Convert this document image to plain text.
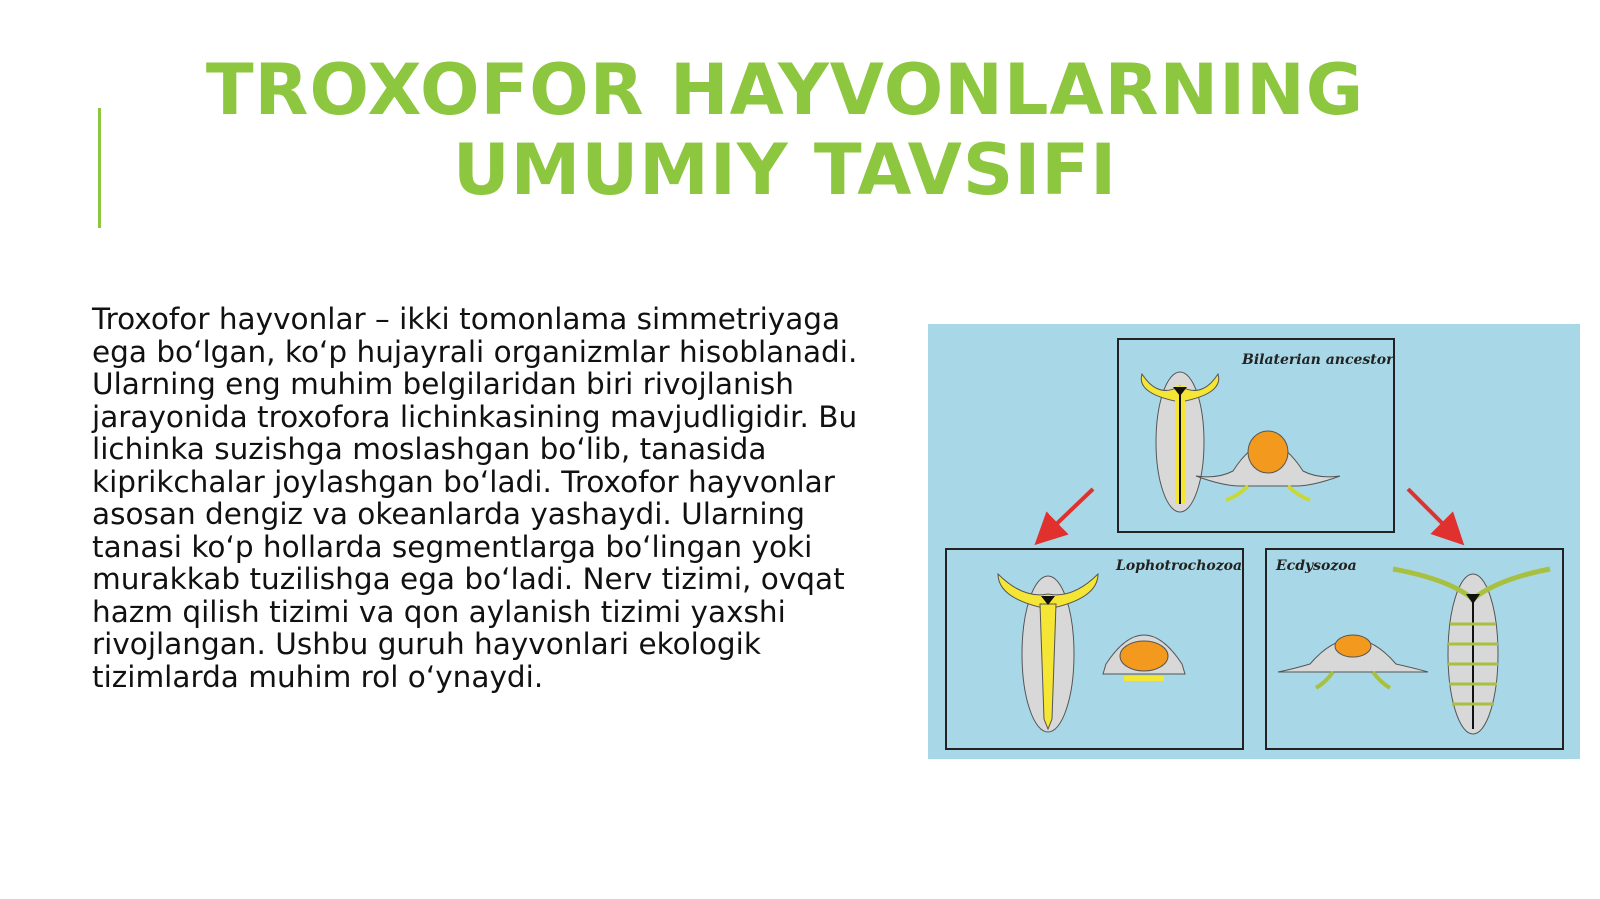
TROXOFOR HAYVONLARNING UMUMIY TAVSIFI

Troxofor hayvonlar – ikki tomonlama simmetriyaga ega boʻlgan, koʻp hujayrali organizmlar hisoblanadi. Ularning eng muhim belgilaridan biri rivojlanish jarayonida troxofora lichinkasining mavjudligidir. Bu lichinka suzishga moslashgan boʻlib, tanasida kiprikchalar joylashgan boʻladi. Troxofor hayvonlar asosan dengiz va okeanlarda yashaydi. Ularning tanasi koʻp hollarda segmentlarga boʻlingan yoki murakkab tuzilishga ega boʻladi. Nerv tizimi, ovqat hazm qilish tizimi va qon aylanish tizimi yaxshi rivojlangan. Ushbu guruh hayvonlari ekologik tizimlarda muhim rol oʻynaydi.

Bilaterian ancestor
Lophotrochozoa Ecdysozoa
